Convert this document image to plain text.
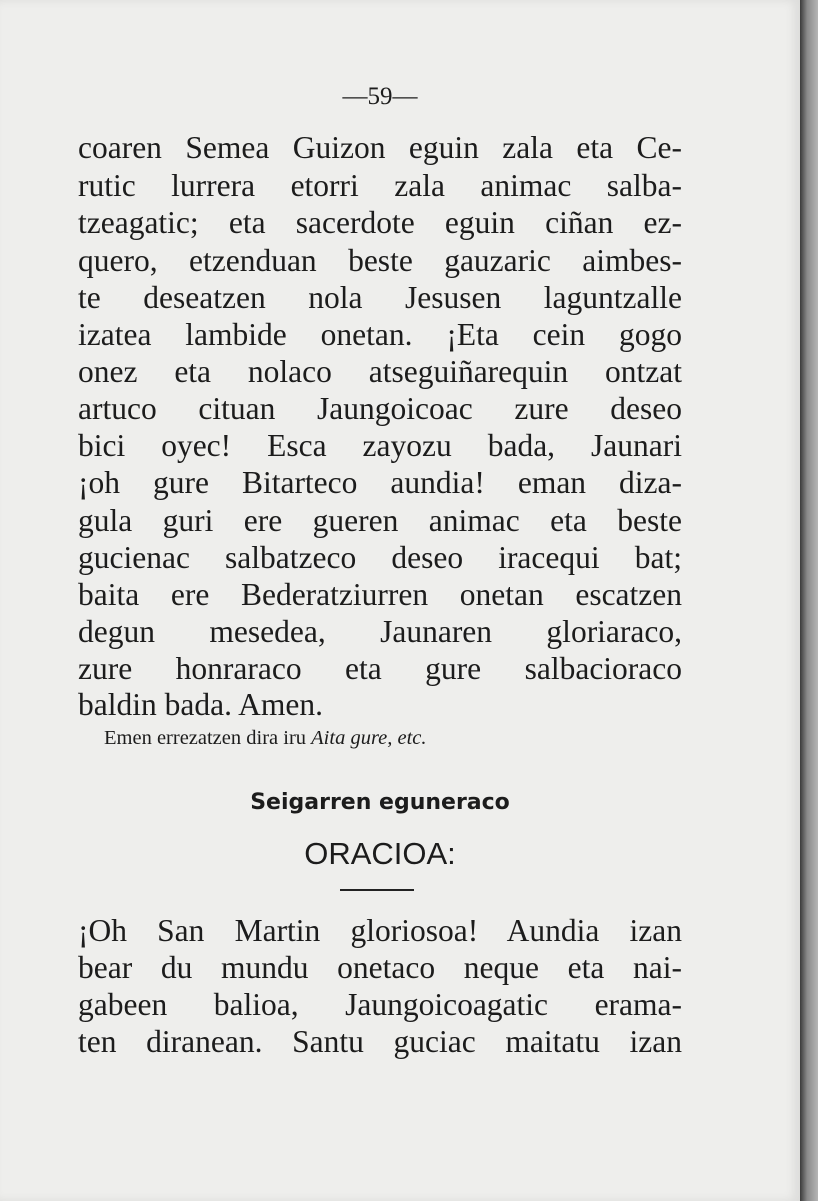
—59—
coaren Semea Guizon eguin zala eta Ce-
rutic lurrera etorri zala animac salba-
tzeagatic; eta sacerdote eguin ciñan ez-
quero, etzenduan beste gauzaric aimbes-
te deseatzen nola Jesusen laguntzalle
izatea lambide onetan. ¡Eta cein gogo
onez eta nolaco atseguiñarequin ontzat
artuco cituan Jaungoicoac zure deseo
bici oyec! Esca zayozu bada, Jaunari
¡oh gure Bitarteco aundia! eman diza-
gula guri ere gueren animac eta beste
gucienac salbatzeco deseo iracequi bat;
baita ere Bederatziurren onetan escatzen
degun mesedea, Jaunaren gloriaraco,
zure honraraco eta gure salbacioraco
baldin bada. Amen.
Emen errezatzen dira iru Aita gure, etc.
Seigarren eguneraco
ORACIOA:
¡Oh San Martin gloriosoa! Aundia izan
bear du mundu onetaco neque eta nai-
gabeen balioa, Jaungoicoagatic erama-
ten diranean. Santu guciac maitatu izan
